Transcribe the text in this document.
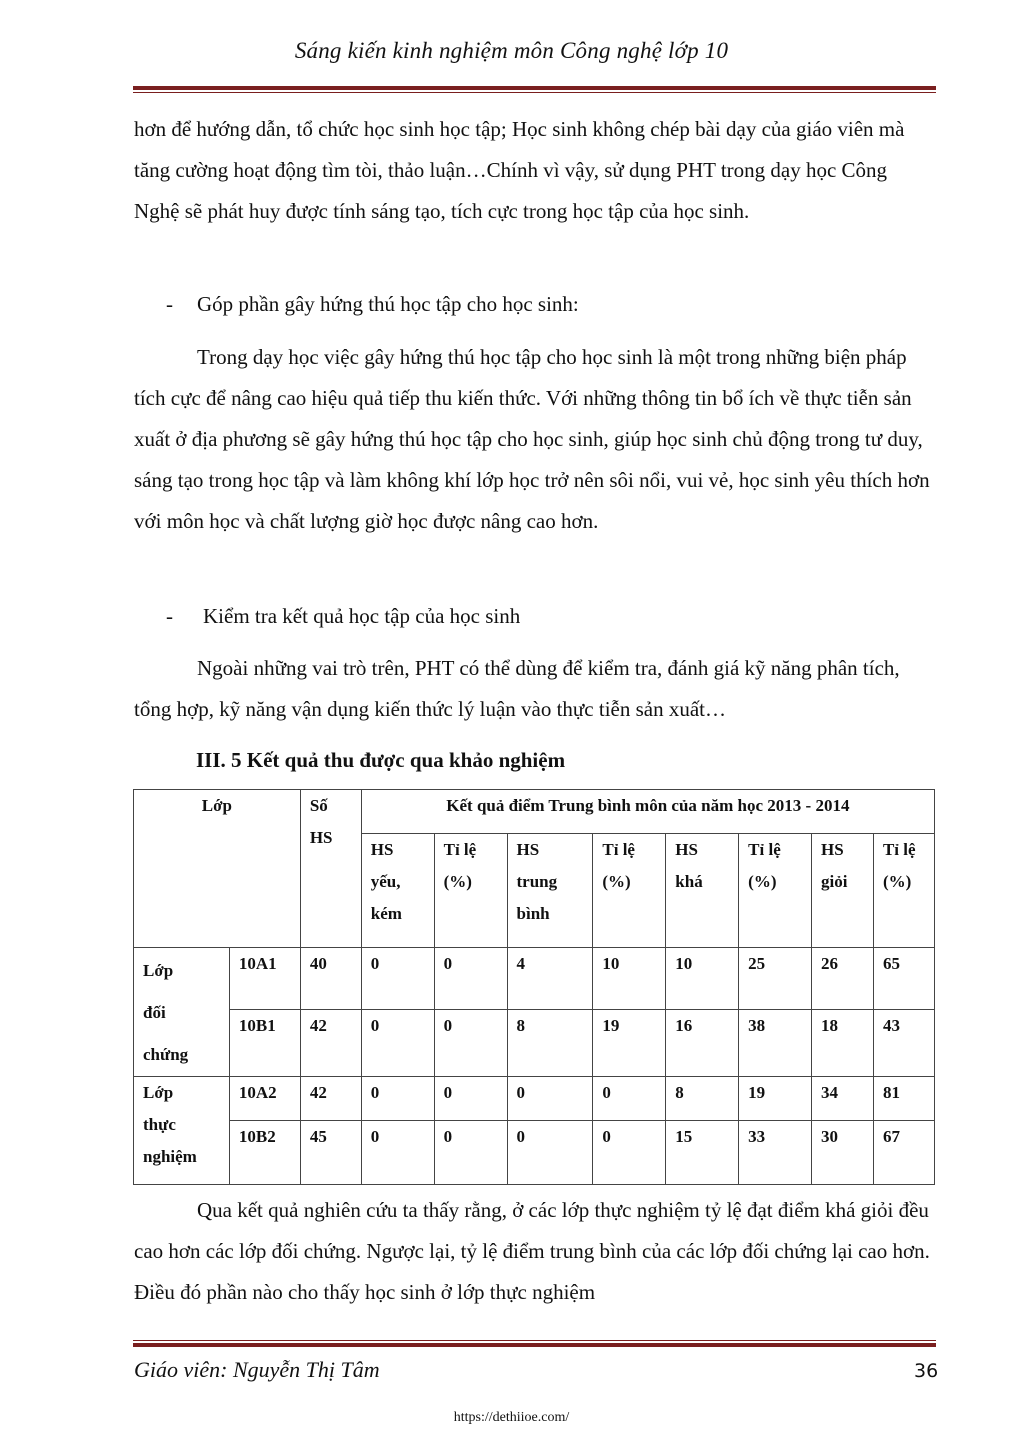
Sáng kiến kinh nghiệm môn Công nghệ lớp 10

hơn để hướng dẫn, tổ chức học sinh học tập; Học sinh không chép bài dạy của giáo viên mà tăng cường hoạt động tìm tòi, thảo luận…Chính vì vậy, sử dụng PHT trong dạy học Công Nghệ sẽ phát huy được tính sáng tạo, tích cực trong học tập của học sinh.

- Góp phần gây hứng thú học tập cho học sinh:

Trong dạy học việc gây hứng thú học tập cho học sinh là một trong những biện pháp tích cực để nâng cao hiệu quả tiếp thu kiến thức. Với những thông tin bổ ích về thực tiễn sản xuất ở địa phương sẽ gây hứng thú học tập cho học sinh, giúp học sinh chủ động trong tư duy, sáng tạo trong học tập và làm không khí lớp học trở nên sôi nổi, vui vẻ, học sinh yêu thích hơn với môn học và chất lượng giờ học được nâng cao hơn.

- Kiểm tra kết quả học tập của học sinh

Ngoài những vai trò trên, PHT có thể dùng để kiểm tra, đánh giá kỹ năng phân tích, tổng hợp, kỹ năng vận dụng kiến thức lý luận vào thực tiễn sản xuất…

III. 5 Kết quả thu được qua khảo nghiệm
Lớp		Số HS	Kết quả điểm Trung bình môn của năm học 2013 - 2014							
			HS yếu, kém	Tỉ lệ (%)	HS trung bình	Tỉ lệ (%)	HS khá	Tỉ lệ (%)	HS giỏi	Tỉ lệ (%)
Lớp đối chứng	10A1	40	0	0	4	10	10	25	26	65
	10B1	42	0	0	8	19	16	38	18	43
Lớp thực nghiệm	10A2	42	0	0	0	0	8	19	34	81
	10B2	45	0	0	0	0	15	33	30	67

Qua kết quả nghiên cứu ta thấy rằng, ở các lớp thực nghiệm tỷ lệ đạt điểm khá giỏi đều cao hơn các lớp đối chứng. Ngược lại, tỷ lệ điểm trung bình của các lớp đối chứng lại cao hơn. Điều đó phần nào cho thấy học sinh ở lớp thực nghiệm

Giáo viên: Nguyễn Thị Tâm	36
https://dethiioe.com/
